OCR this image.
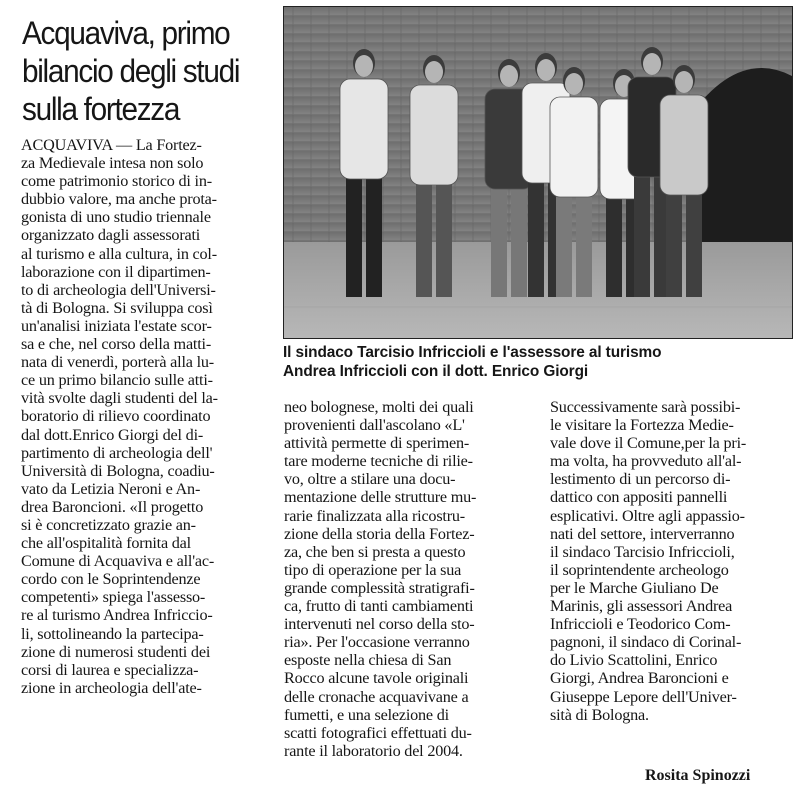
Acquaviva, primo
bilancio degli studi
sulla fortezza
ACQUAVIVA — La Fortez-
za Medievale intesa non solo
come patrimonio storico di in-
dubbio valore, ma anche prota-
gonista di uno studio triennale
organizzato dagli assessorati
al turismo e alla cultura, in col-
laborazione con il dipartimen-
to di archeologia dell'Universi-
tà di Bologna. Si sviluppa così
un'analisi iniziata l'estate scor-
sa e che, nel corso della matti-
nata di venerdì, porterà alla lu-
ce un primo bilancio sulle atti-
vità svolte dagli studenti del la-
boratorio di rilievo coordinato
dal dott.Enrico Giorgi del di-
partimento di archeologia dell'
Università di Bologna, coadiu-
vato da Letizia Neroni e An-
drea Baroncioni. «Il progetto
si è concretizzato grazie an-
che all'ospitalità fornita dal
Comune di Acquaviva e all'ac-
cordo con le Soprintendenze
competenti» spiega l'assesso-
re al turismo Andrea Infriccio-
li, sottolineando la partecipa-
zione di numerosi studenti dei
corsi di laurea e specializza-
zione in archeologia dell'ate-
Il sindaco Tarcisio Infriccioli e l'assessore al turismo
Andrea Infriccioli con il dott. Enrico Giorgi
neo bolognese, molti dei quali
provenienti dall'ascolano «L'
attività permette di sperimen-
tare moderne tecniche di rilie-
vo, oltre a stilare una docu-
mentazione delle strutture mu-
rarie finalizzata alla ricostru-
zione della storia della Fortez-
za, che ben si presta a questo
tipo di operazione per la sua
grande complessità stratigrafi-
ca, frutto di tanti cambiamenti
intervenuti nel corso della sto-
ria». Per l'occasione verranno
esposte nella chiesa di San
Rocco alcune tavole originali
delle cronache acquavivane a
fumetti, e una selezione di
scatti fotografici effettuati du-
rante il laboratorio del 2004.
Successivamente sarà possibi-
le visitare la Fortezza Medie-
vale dove il Comune,per la pri-
ma volta, ha provveduto all'al-
lestimento di un percorso di-
dattico con appositi pannelli
esplicativi. Oltre agli appassio-
nati del settore, interverranno
il sindaco Tarcisio Infriccioli,
il soprintendente archeologo
per le Marche Giuliano De
Marinis, gli assessori Andrea
Infriccioli e Teodorico Com-
pagnoni, il sindaco di Corinal-
do Livio Scattolini, Enrico
Giorgi, Andrea Baroncioni e
Giuseppe Lepore dell'Univer-
sità di Bologna.
Rosita Spinozzi
